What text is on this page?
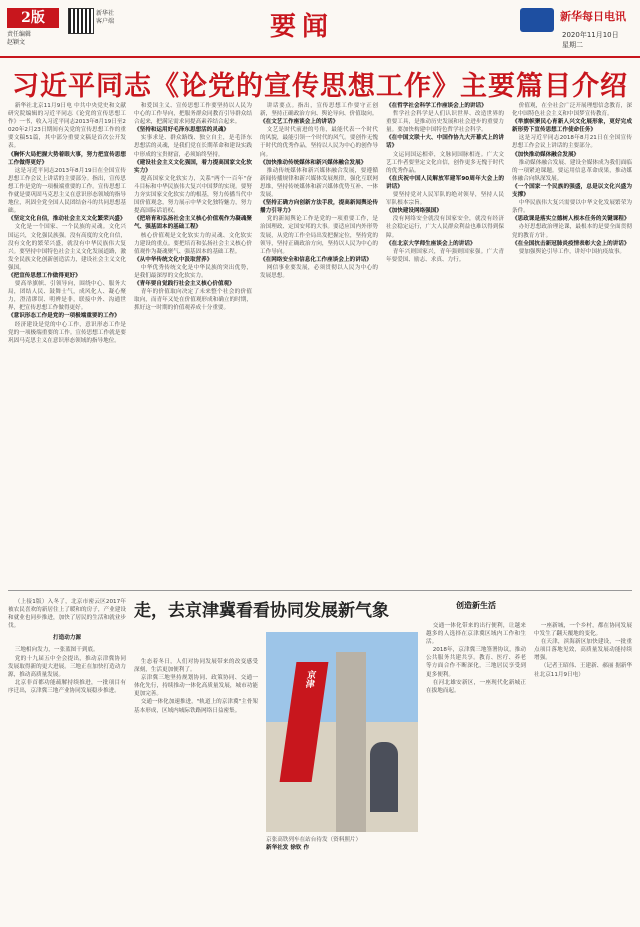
2版
责任编辑
赵颖文
新华社
客户端	要闻	新华每日电讯
2020年11月10日
星期二
习近平同志《论党的宣传思想工作》主要篇目介绍

新华社北京11月9日电 中共中央党史和文献研究院编辑的习近平同志《论党的宣传思想工作》一书，收入习近平同志2013年8月19日至2020年2月23日期间有关党的宣传思想工作的重要文稿51篇，其中部分重要文稿是首次公开发表。

《胸怀大局把握大势着眼大事，努力把宣传思想工作做得更好》

这是习近平同志2013年8月19日在全国宣传思想工作会议上讲话的主要部分。指出，宣传思想工作是党的一项极端重要的工作。宣传思想工作就是要巩固马克思主义在意识形态领域的指导地位，巩固全党全国人民团结奋斗的共同思想基础。

《坚定文化自信，推动社会主义文化繁荣兴盛》

文化是一个国家、一个民族的灵魂。文化兴国运兴，文化强民族强。没有高度的文化自信，没有文化的繁荣兴盛，就没有中华民族伟大复兴。要坚持中国特色社会主义文化发展道路，激发全民族文化创新创造活力，建设社会主义文化强国。

《把宣传思想工作做得更好》

要高举旗帜、引领导向，围绕中心、服务大局，团结人民、鼓舞士气，成风化人、凝心聚力，澄清谬误、明辨是非，联接中外、沟通世界，把宣传思想工作做得更好。

《意识形态工作是党的一项极端重要的工作》

经济建设是党的中心工作，意识形态工作是党的一项极端重要的工作。宣传思想工作就是要巩固马克思主义在意识形态领域的指导地位。

和爱国主义、宣传思想工作要坚持以人民为中心的工作导向，把服务群众同教育引导群众结合起来，把满足需求同提高素养结合起来。

《坚持和运用好毛泽东思想活的灵魂》

实事求是、群众路线、独立自主，是毛泽东思想活的灵魂，是我们党在长期革命和建设实践中形成的宝贵财富，必须始终坚持。

《建设社会主义文化强国，着力提高国家文化软实力》

提高国家文化软实力，关系"两个一百年"奋斗目标和中华民族伟大复兴中国梦的实现。要努力夯实国家文化软实力的根基，努力传播当代中国价值观念，努力展示中华文化独特魅力，努力提高国际话语权。

《把培育和弘扬社会主义核心价值观作为凝魂聚气、强基固本的基础工程》

核心价值观是文化软实力的灵魂、文化软实力建设的重点。要把培育和弘扬社会主义核心价值观作为凝魂聚气、强基固本的基础工程。

《从中华传统文化中汲取营养》

中华优秀传统文化是中华民族的突出优势，是我们最深厚的文化软实力。

《青年要自觉践行社会主义核心价值观》

青年的价值取向决定了未来整个社会的价值取向，而青年又处在价值观形成和确立的时期，抓好这一时期的价值观养成十分重要。

讲话要点。指出，宣传思想工作要守正创新，坚持正确政治方向、舆论导向、价值取向。

《在文艺工作座谈会上的讲话》

文艺是时代前进的号角，最能代表一个时代的风貌，最能引领一个时代的风气。要创作无愧于时代的优秀作品，坚持以人民为中心的创作导向。

《加快推动传统媒体和新兴媒体融合发展》

推动传统媒体和新兴媒体融合发展，要遵循新闻传播规律和新兴媒体发展规律，强化互联网思维，坚持传统媒体和新兴媒体优势互补、一体发展。

《坚持正确方向创新方法手段，提高新闻舆论传播力引导力》

党的新闻舆论工作是党的一项重要工作，是治国理政、定国安邦的大事。要适应国内外形势发展，从党的工作全局出发把握定位，坚持党的领导，坚持正确政治方向，坚持以人民为中心的工作导向。

《在网络安全和信息化工作座谈会上的讲话》

网信事业要发展，必须贯彻以人民为中心的发展思想。

《在哲学社会科学工作座谈会上的讲话》

哲学社会科学是人们认识世界、改造世界的重要工具，是推动历史发展和社会进步的重要力量。要加快构建中国特色哲学社会科学。

《在中国文联十大、中国作协九大开幕式上的讲话》

文运同国运相牵，文脉同国脉相连。广大文艺工作者要坚定文化自信，创作更多无愧于时代的优秀作品。

《在庆祝中国人民解放军建军90周年大会上的讲话》

要坚持党对人民军队的绝对领导，坚持人民军队根本宗旨。

《加快建设网络强国》

没有网络安全就没有国家安全，就没有经济社会稳定运行，广大人民群众利益也难以得到保障。

《在北京大学师生座谈会上的讲话》

青年兴则国家兴，青年强则国家强。广大青年要爱国、励志、求真、力行。

价值观，在全社会广泛开展理想信念教育，深化中国特色社会主义和中国梦宣传教育。

《举旗帜聚民心育新人兴文化展形象，更好完成新形势下宣传思想工作使命任务》

这是习近平同志2018年8月21日在全国宣传思想工作会议上讲话的主要部分。

《加快推动媒体融合发展》

推动媒体融合发展、建设全媒体成为我们面临的一项紧迫课题。要运用信息革命成果，推动媒体融合向纵深发展。

《一个国家一个民族的强盛，总是以文化兴盛为支撑》

中华民族伟大复兴需要以中华文化发展繁荣为条件。

《思政课是落实立德树人根本任务的关键课程》

办好思想政治理论课，最根本的是要全面贯彻党的教育方针。

《在全国抗击新冠肺炎疫情表彰大会上的讲话》

要加强舆论引导工作，讲好中国抗疫故事。

（上接1版）入冬了，北京市密云区2017年被农民喜欢的新居住上了暖和的房子，产业建设和就业也同步推进，加快了居民的生活和就业步伐。

打造动力源

三地相向发力，一张蓝图干到底。

党的十九届五中全会提出，推动京津冀协同发展取得新的更大进展。三地正在加快打造动力源，推动高质量发展。

北京非首都功能疏解持续推进，一批项目有序迁出，京津冀三地产业协同发展稳步推进。

走，去京津冀看看协同发展新气象

生态着冬日，人们对协同发展带来的改变感受深刻，生活更加便利了。

京津冀三地坚持规划协同、政策协同、交通一体化先行，持续推动一体化高质量发展，城市功能更加完善。

交通一体化加速推进，"轨道上的京津冀"主骨架基本形成，区域内城际铁路网络日益密集。

京津
京张高铁列车在站台待发（资料照片）
新华社发 徐钦 作

创造新生活

交通一体化带来的出行便利，让越来越多的人选择在京津冀区域内工作和生活。

2018年，京津冀三地签署协议，推动公共服务共建共享。教育、医疗、养老等方面合作不断深化，三地居民享受到更多便利。

在河北雄安新区，一座现代化新城正在拔地而起。

一座新城，一个乡村，都在协同发展中发生了翻天覆地的变化。

在天津，滨海新区加快建设，一批重点项目落地见效，高质量发展动能持续增强。

（记者王昭伟、王建新、郝丽 据新华社北京11月9日电）
